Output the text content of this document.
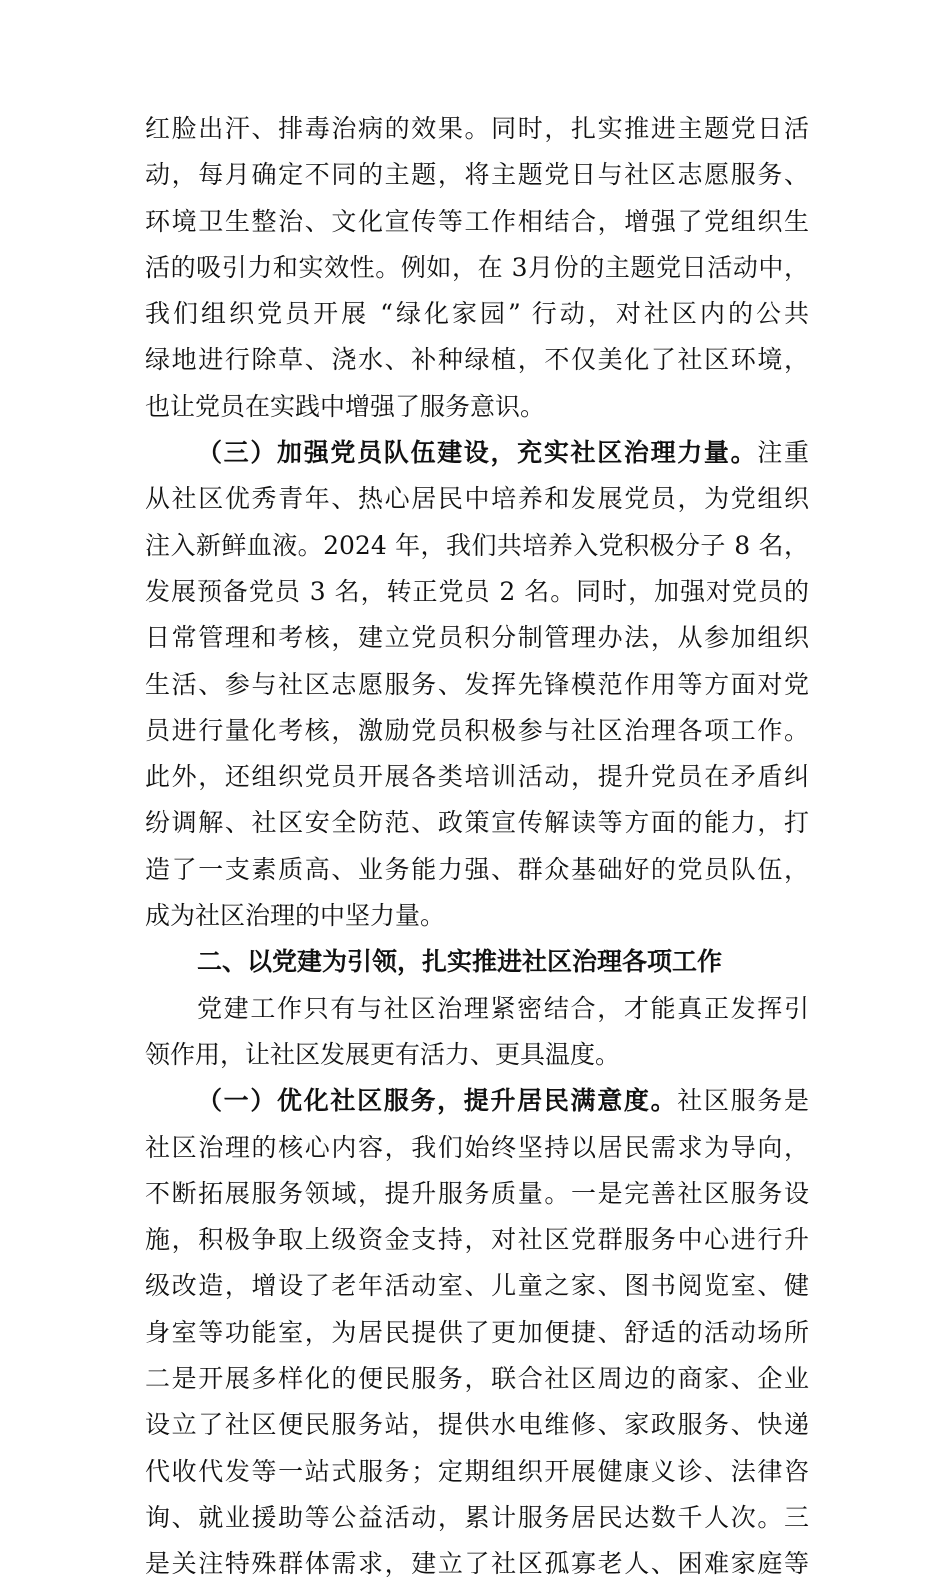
红脸出汗、排毒治病的效果。同时，扎实推进主题党日活
动，每月确定不同的主题，将主题党日与社区志愿服务、
环境卫生整治、文化宣传等工作相结合，增强了党组织生
活的吸引力和实效性。例如，在 3月份的主题党日活动中，
我们组织党员开展 “绿化家园” 行动，对社区内的公共
绿地进行除草、浇水、补种绿植，不仅美化了社区环境，
也让党员在实践中增强了服务意识。
（三）加强党员队伍建设，充实社区治理力量。注重
从社区优秀青年、热心居民中培养和发展党员，为党组织
注入新鲜血液。2024 年，我们共培养入党积极分子 8 名，
发展预备党员 3 名，转正党员 2 名。同时，加强对党员的
日常管理和考核，建立党员积分制管理办法，从参加组织
生活、参与社区志愿服务、发挥先锋模范作用等方面对党
员进行量化考核，激励党员积极参与社区治理各项工作。
此外，还组织党员开展各类培训活动，提升党员在矛盾纠
纷调解、社区安全防范、政策宣传解读等方面的能力，打
造了一支素质高、业务能力强、群众基础好的党员队伍，
成为社区治理的中坚力量。
二、以党建为引领，扎实推进社区治理各项工作
党建工作只有与社区治理紧密结合，才能真正发挥引
领作用，让社区发展更有活力、更具温度。
（一）优化社区服务，提升居民满意度。社区服务是
社区治理的核心内容，我们始终坚持以居民需求为导向，
不断拓展服务领域，提升服务质量。一是完善社区服务设
施，积极争取上级资金支持，对社区党群服务中心进行升
级改造，增设了老年活动室、儿童之家、图书阅览室、健
身室等功能室，为居民提供了更加便捷、舒适的活动场所
二是开展多样化的便民服务，联合社区周边的商家、企业
设立了社区便民服务站，提供水电维修、家政服务、快递
代收代发等一站式服务；定期组织开展健康义诊、法律咨
询、就业援助等公益活动，累计服务居民达数千人次。三
是关注特殊群体需求，建立了社区孤寡老人、困难家庭等
